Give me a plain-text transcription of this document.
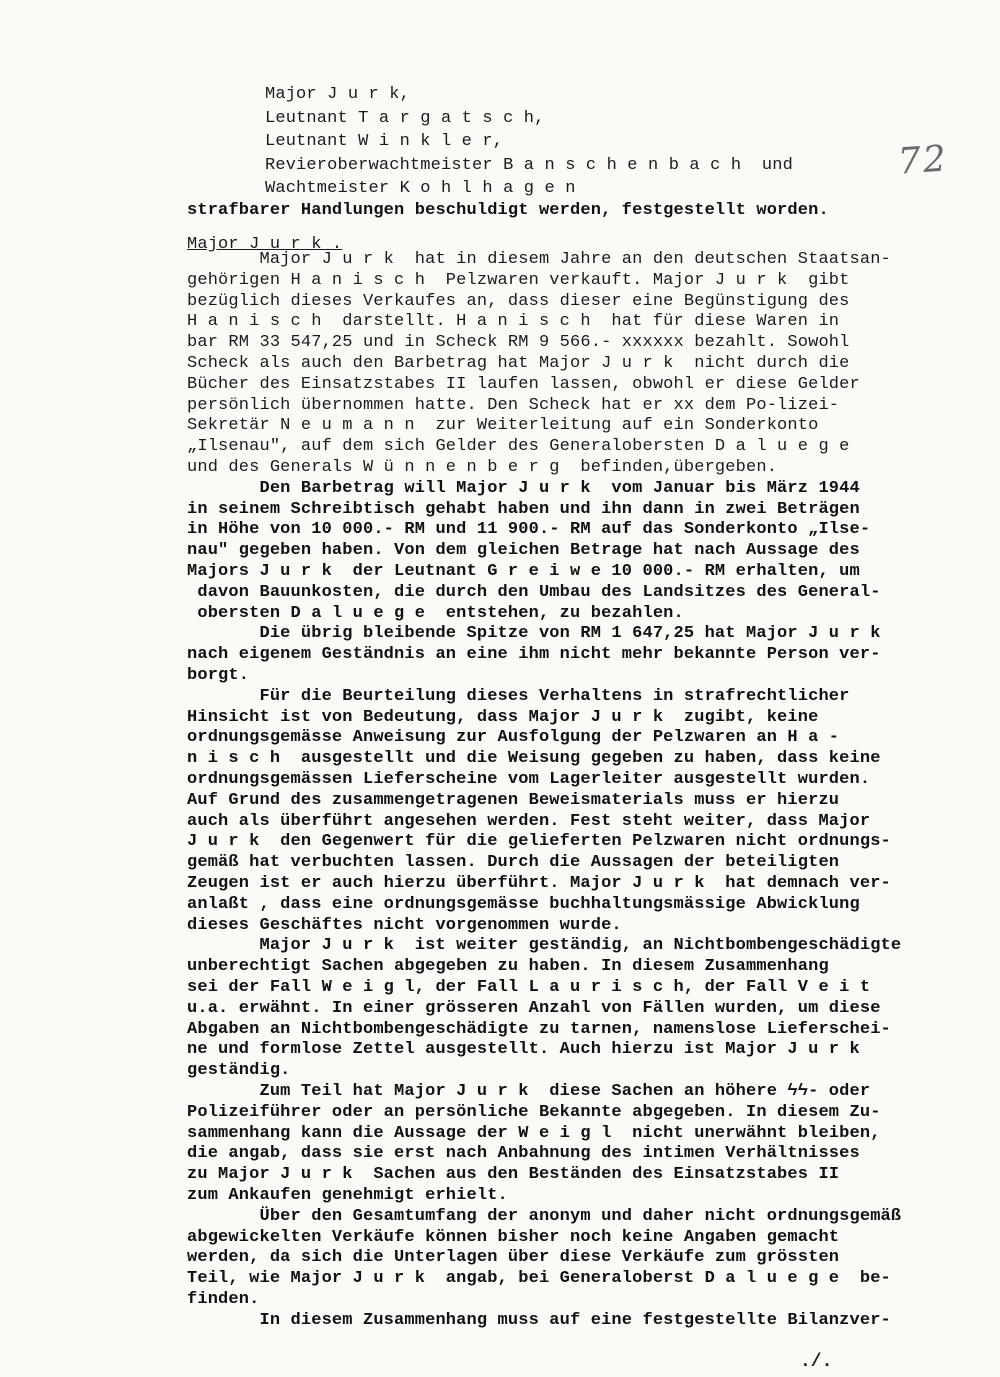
72

Major J u r k,

Leutnant T a r g a t s c h,

Leutnant W i n k l e r,

Revieroberwachtmeister B a n s c h e n b a c h  und

Wachtmeister K o h l h a g e n

strafbarer Handlungen beschuldigt werden, festgestellt worden.

Major J u r k .

Major J u r k  hat in diesem Jahre an den deutschen Staatsan-

gehörigen H a n i s c h  Pelzwaren verkauft. Major J u r k  gibt

bezüglich dieses Verkaufes an, dass dieser eine Begünstigung des

H a n i s c h  darstellt. H a n i s c h  hat für diese Waren in

bar RM 33 547,25 und in Scheck RM 9 566.- xxxxxx bezahlt. Sowohl

Scheck als auch den Barbetrag hat Major J u r k  nicht durch die

Bücher des Einsatzstabes II laufen lassen, obwohl er diese Gelder

persönlich übernommen hatte. Den Scheck hat er xx dem Po-lizei-

Sekretär N e u m a n n  zur Weiterleitung auf ein Sonderkonto

„Ilsenau", auf dem sich Gelder des Generalobersten D a l u e g e

und des Generals W ü n n e n b e r g  befinden,übergeben.

Den Barbetrag will Major J u r k  vom Januar bis März 1944

in seinem Schreibtisch gehabt haben und ihn dann in zwei Beträgen

in Höhe von 10 000.- RM und 11 900.- RM auf das Sonderkonto „Ilse-

nau" gegeben haben. Von dem gleichen Betrage hat nach Aussage des

Majors J u r k  der Leutnant G r e i w e 10 000.- RM erhalten, um

davon Bauunkosten, die durch den Umbau des Landsitzes des General-

obersten D a l u e g e  entstehen, zu bezahlen.

Die übrig bleibende Spitze von RM 1 647,25 hat Major J u r k

nach eigenem Geständnis an eine ihm nicht mehr bekannte Person ver-

borgt.

Für die Beurteilung dieses Verhaltens in strafrechtlicher

Hinsicht ist von Bedeutung, dass Major J u r k  zugibt, keine

ordnungsgemässe Anweisung zur Ausfolgung der Pelzwaren an H a -

n i s c h  ausgestellt und die Weisung gegeben zu haben, dass keine

ordnungsgemässen Lieferscheine vom Lagerleiter ausgestellt wurden.

Auf Grund des zusammengetragenen Beweismaterials muss er hierzu

auch als überführt angesehen werden. Fest steht weiter, dass Major

J u r k  den Gegenwert für die gelieferten Pelzwaren nicht ordnungs-

gemäß hat verbuchten lassen. Durch die Aussagen der beteiligten

Zeugen ist er auch hierzu überführt. Major J u r k  hat demnach ver-

anlaßt , dass eine ordnungsgemässe buchhaltungsmässige Abwicklung

dieses Geschäftes nicht vorgenommen wurde.

Major J u r k  ist weiter geständig, an Nichtbombengeschädigte

unberechtigt Sachen abgegeben zu haben. In diesem Zusammenhang

sei der Fall W e i g l, der Fall L a u r i s c h, der Fall V e i t

u.a. erwähnt. In einer grösseren Anzahl von Fällen wurden, um diese

Abgaben an Nichtbombengeschädigte zu tarnen, namenslose Lieferschei-

ne und formlose Zettel ausgestellt. Auch hierzu ist Major J u r k

geständig.

Zum Teil hat Major J u r k  diese Sachen an höhere ϟϟ- oder

Polizeiführer oder an persönliche Bekannte abgegeben. In diesem Zu-

sammenhang kann die Aussage der W e i g l  nicht unerwähnt bleiben,

die angab, dass sie erst nach Anbahnung des intimen Verhältnisses

zu Major J u r k  Sachen aus den Beständen des Einsatzstabes II

zum Ankaufen genehmigt erhielt.

Über den Gesamtumfang der anonym und daher nicht ordnungsgemäß

abgewickelten Verkäufe können bisher noch keine Angaben gemacht

werden, da sich die Unterlagen über diese Verkäufe zum grössten

Teil, wie Major J u r k  angab, bei Generaloberst D a l u e g e  be-

finden.

In diesem Zusammenhang muss auf eine festgestellte Bilanzver-

./.
